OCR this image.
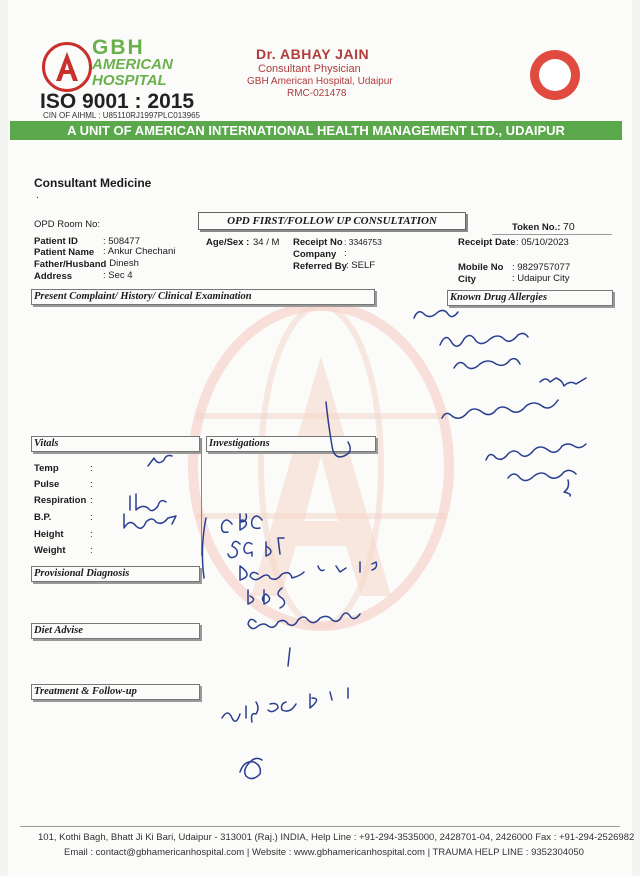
GBH
AMERICAN
HOSPITAL
ISO 9001 : 2015
CIN OF AIHML : U85110RJ1997PLC013965
Dr. ABHAY JAIN
Consultant Physician
GBH American Hospital, Udaipur
RMC-021478
NABH
A UNIT OF AMERICAN INTERNATIONAL HEALTH MANAGEMENT LTD., UDAIPUR
Consultant Medicine
.
OPD Room No:	OPD FIRST/FOLLOW UP CONSULTATION
Token No.: 70
Patient ID	: 508477
Patient Name : Ankur Chechani
Father/Husband
: Dinesh
Address	: Sec 4
Age/Sex : 34 / M Receipt No : 3346753
Company :
Referred By : SELF
Receipt Date : 05/10/2023
Mobile No : 9829757077
City	: Udaipur City
Present Complaint/ History/ Clinical Examination	Known Drug Allergies
Vitals	Investigations
Provisional Diagnosis
Diet Advise
Treatment & Follow-up
Temp	:
Pulse	:
Respiration :
B.P.	:
Height	:
Weight	:
101, Kothi Bagh, Bhatt Ji Ki Bari, Udaipur - 313001 (Raj.) INDIA, Help Line : +91-294-3535000, 2428701-04, 2426000 Fax : +91-294-2526982
Email : contact@gbhamericanhospital.com | Website : www.gbhamericanhospital.com | TRAUMA HELP LINE : 9352304050
